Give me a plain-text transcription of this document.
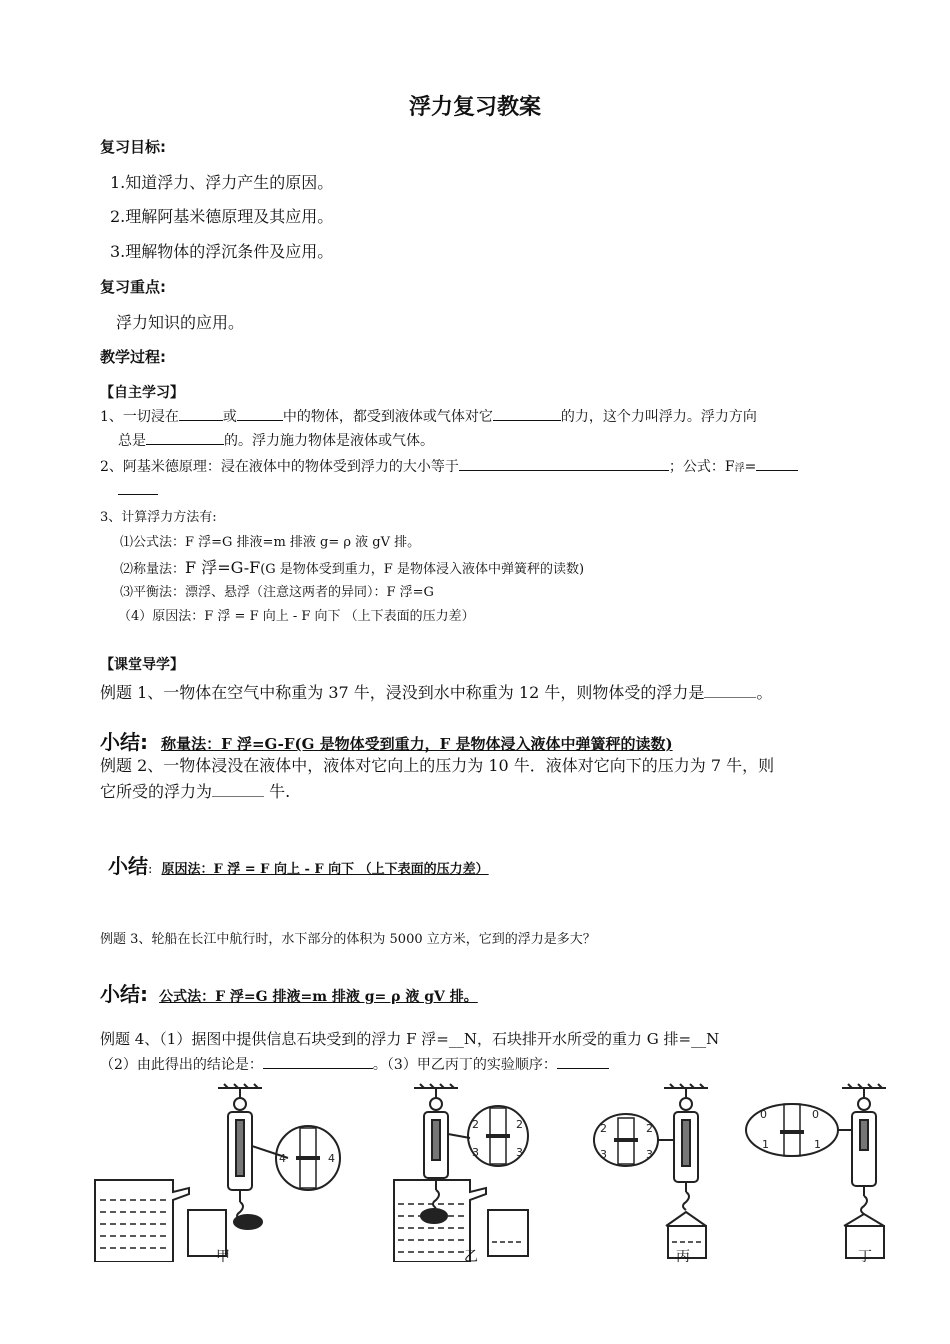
浮力复习教案
复习目标:
1.知道浮力、浮力产生的原因。
2.理解阿基米德原理及其应用。
3.理解物体的浮沉条件及应用。
复习重点:
浮力知识的应用。
教学过程:
【自主学习】
1、一切浸在	或	中的物体，都受到液体或气体对它	的力，这个力叫浮力。浮力方向
总是	的。浮力施力物体是液体或气体。
2、阿基米德原理：浸在液体中的物体受到浮力的大小等于	；公式：F浮=
3、计算浮力方法有:
⑴公式法：F 浮=G 排液=m 排液 g= ρ 液 gV 排。
⑵称量法：F 浮=G-F(G 是物体受到重力，F 是物体浸入液体中弹簧秤的读数)
⑶平衡法：漂浮、悬浮（注意这两者的异同）：F 浮=G
（4）原因法：F 浮 = F 向上 - F 向下 （上下表面的压力差）
【课堂导学】
例题 1、一物体在空气中称重为 37 牛，浸没到水中称重为 12 牛，则物体受的浮力是	。
小结: 称量法：F 浮=G-F(G 是物体受到重力，F 是物体浸入液体中弹簧秤的读数)
例题 2、一物体浸没在液体中，液体对它向上的压力为 10 牛．液体对它向下的压力为 7 牛，则
它所受的浮力为	牛.
小结: 原因法：F 浮 = F 向上 - F 向下 （上下表面的压力差）
例题 3、轮船在长江中航行时，水下部分的体积为 5000 立方米，它到的浮力是多大？
小结: 公式法：F 浮=G 排液=m 排液 g= ρ 液 gV 排。
例题 4、（1）据图中提供信息石块受到的浮力 F 浮=__N，石块排开水所受的重力 G 排=__N
（2）由此得出的结论是：	。（3）甲乙丙丁的实验顺序：
4	4
2
3
2
3
2
3
2
3
0
1
0
1
甲	乙	丙	丁
